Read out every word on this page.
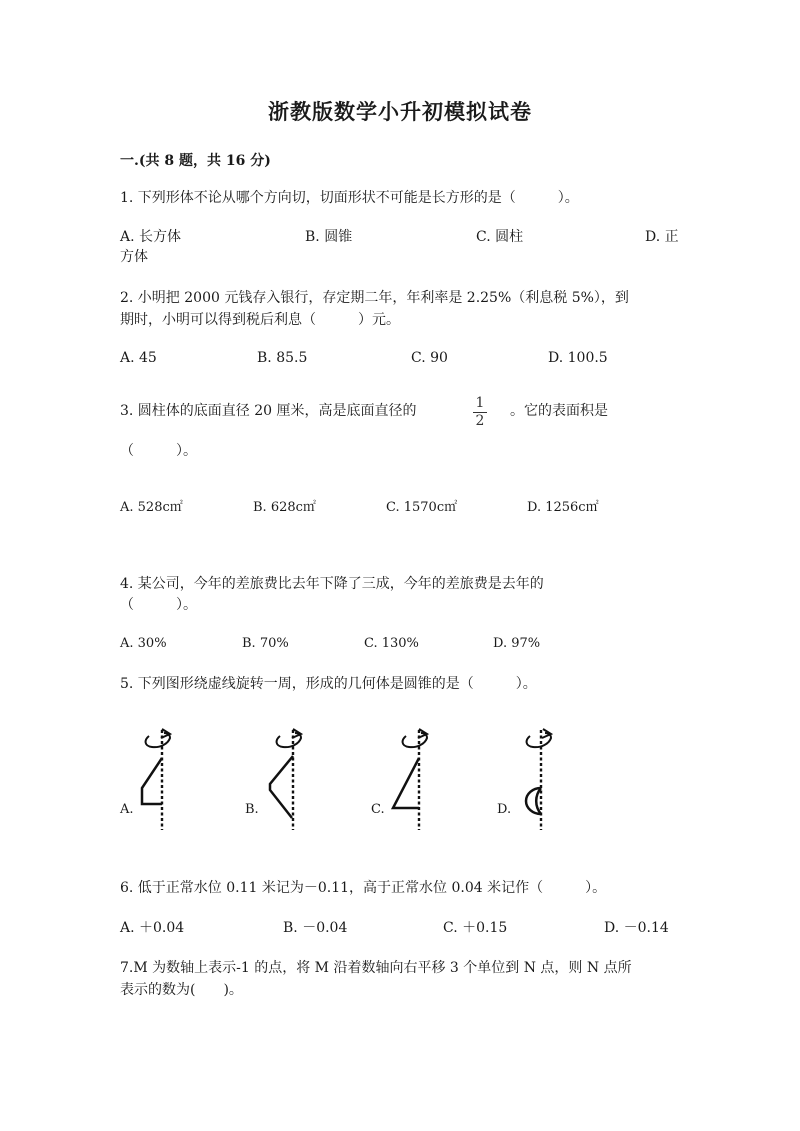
浙教版数学小升初模拟试卷
一.(共 8 题，共 16 分)
1. 下列形体不论从哪个方向切，切面形状不可能是长方形的是（　　　）。
A. 长方体	B. 圆锥	C. 圆柱	D. 正
方体
2. 小明把 2000 元钱存入银行，存定期二年，年利率是 2.25%（利息税 5%），到
期时，小明可以得到税后利息（　　　）元。
A. 45	B. 85.5	C. 90	D. 100.5
3. 圆柱体的底面直径 20 厘米，高是底面直径的	1
2
。它的表面积是
（　　　）。
A. 528c㎡	B. 628c㎡	C. 1570c㎡	D. 1256c㎡
4. 某公司，今年的差旅费比去年下降了三成，今年的差旅费是去年的
（　　　）。
A. 30%	B. 70%	C. 130%	D. 97%
5. 下列图形绕虚线旋转一周，形成的几何体是圆锥的是（　　　）。
A.	B.	C.	D.
6. 低于正常水位 0.11 米记为－0.11，高于正常水位 0.04 米记作（　　　）。
A. ＋0.04	B. －0.04	C. ＋0.15	D. －0.14
7.M 为数轴上表示-1 的点，将 M 沿着数轴向右平移 3 个单位到 N 点，则 N 点所
表示的数为(　　)。
